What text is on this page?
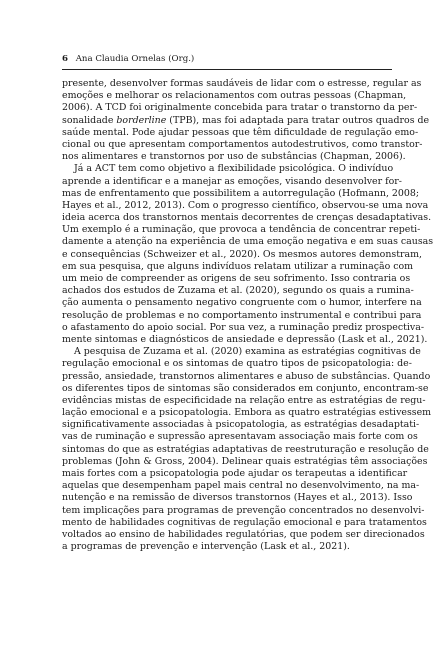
6 Ana Claudia Ornelas (Org.)
presente, desenvolver formas saudáveis de lidar com o estresse, regular as
emoções e melhorar os relacionamentos com outras pessoas (Chapman,
2006). A TCD foi originalmente concebida para tratar o transtorno da per-
sonalidade borderline (TPB), mas foi adaptada para tratar outros quadros de
saúde mental. Pode ajudar pessoas que têm dificuldade de regulação emo-
cional ou que apresentam comportamentos autodestrutivos, como transtor-
nos alimentares e transtornos por uso de substâncias (Chapman, 2006).
Já a ACT tem como objetivo a flexibilidade psicológica. O indivíduo
aprende a identificar e a manejar as emoções, visando desenvolver for-
mas de enfrentamento que possibilitem a autorregulação (Hofmann, 2008;
Hayes et al., 2012, 2013). Com o progresso científico, observou-se uma nova
ideia acerca dos transtornos mentais decorrentes de crenças desadaptativas.
Um exemplo é a ruminação, que provoca a tendência de concentrar repeti-
damente a atenção na experiência de uma emoção negativa e em suas causas
e consequências (Schweizer et al., 2020). Os mesmos autores demonstram,
em sua pesquisa, que alguns indivíduos relatam utilizar a ruminação com
um meio de compreender as origens de seu sofrimento. Isso contraria os
achados dos estudos de Zuzama et al. (2020), segundo os quais a rumina-
ção aumenta o pensamento negativo congruente com o humor, interfere na
resolução de problemas e no comportamento instrumental e contribui para
o afastamento do apoio social. Por sua vez, a ruminação prediz prospectiva-
mente sintomas e diagnósticos de ansiedade e depressão (Lask et al., 2021).
A pesquisa de Zuzama et al. (2020) examina as estratégias cognitivas de
regulação emocional e os sintomas de quatro tipos de psicopatologia: de-
pressão, ansiedade, transtornos alimentares e abuso de substâncias. Quando
os diferentes tipos de sintomas são considerados em conjunto, encontram-se
evidências mistas de especificidade na relação entre as estratégias de regu-
lação emocional e a psicopatologia. Embora as quatro estratégias estivessem
significativamente associadas à psicopatologia, as estratégias desadaptati-
vas de ruminação e supressão apresentavam associação mais forte com os
sintomas do que as estratégias adaptativas de reestruturação e resolução de
problemas (John & Gross, 2004). Delinear quais estratégias têm associações
mais fortes com a psicopatologia pode ajudar os terapeutas a identificar
aquelas que desempenham papel mais central no desenvolvimento, na ma-
nutenção e na remissão de diversos transtornos (Hayes et al., 2013). Isso
tem implicações para programas de prevenção concentrados no desenvolvi-
mento de habilidades cognitivas de regulação emocional e para tratamentos
voltados ao ensino de habilidades regulatórias, que podem ser direcionados
a programas de prevenção e intervenção (Lask et al., 2021).
